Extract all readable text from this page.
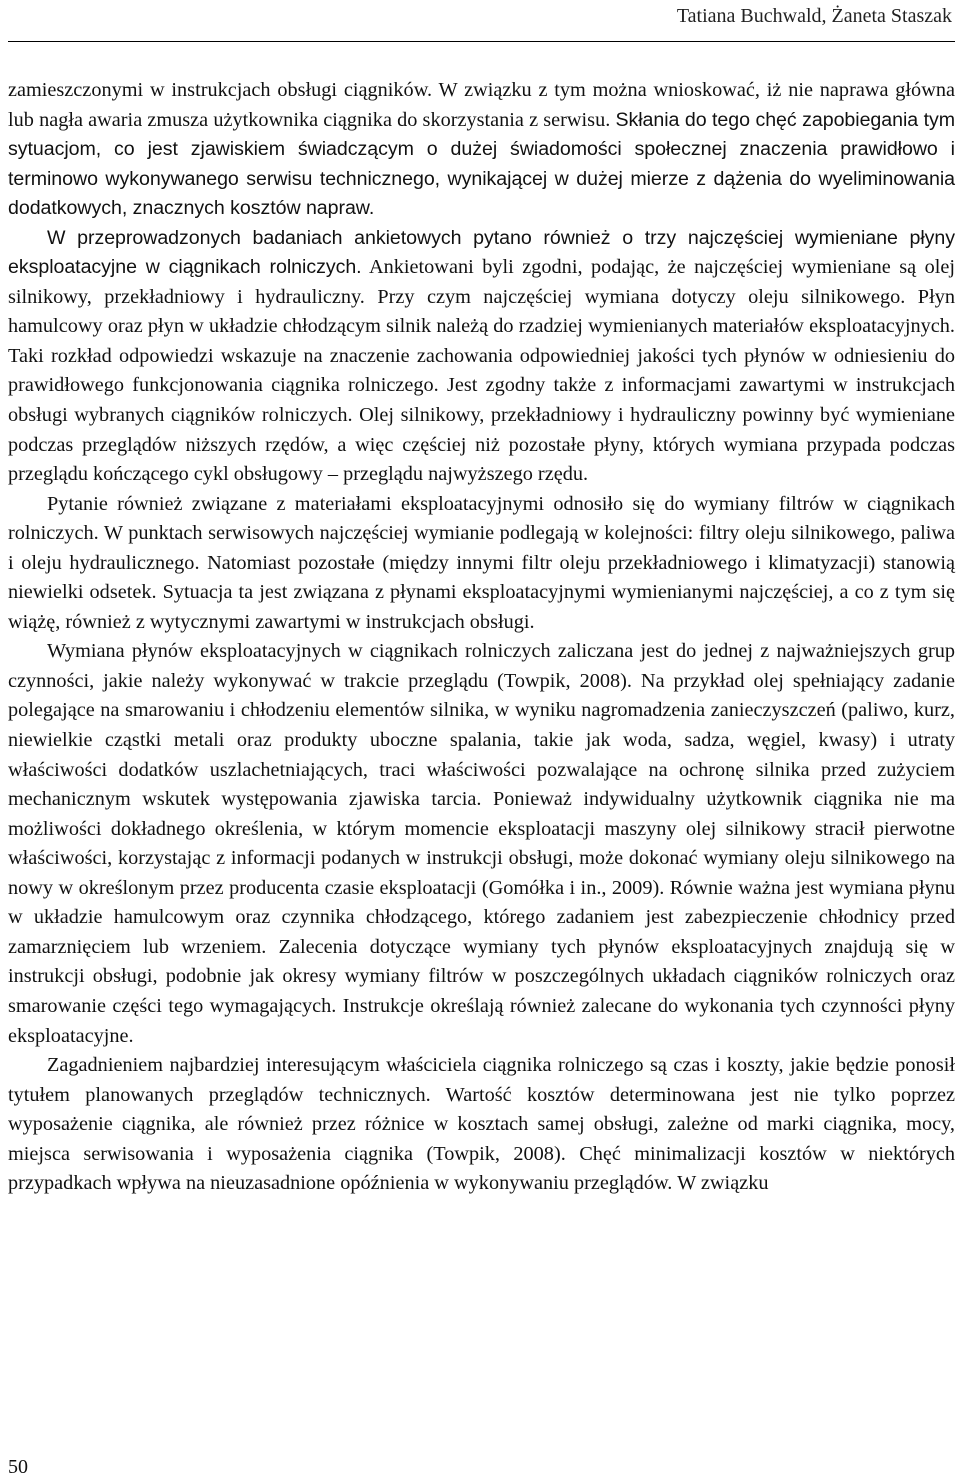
Tatiana Buchwald, Żaneta Staszak

zamieszczonymi w instrukcjach obsługi ciągników. W związku z tym można wnioskować, iż nie naprawa główna lub nagła awaria zmusza użytkownika ciągnika do skorzystania z serwisu. Skłania do tego chęć zapobiegania tym sytuacjom, co jest zjawiskiem świadczącym o dużej świadomości społecznej znaczenia prawidłowo i terminowo wykonywanego serwisu technicznego, wynikającej w dużej mierze z dążenia do wyeliminowania dodatkowych, znacznych kosztów napraw.

W przeprowadzonych badaniach ankietowych pytano również o trzy najczęściej wymieniane płyny eksploatacyjne w ciągnikach rolniczych. Ankietowani byli zgodni, podając, że najczęściej wymieniane są olej silnikowy, przekładniowy i hydrauliczny. Przy czym najczęściej wymiana dotyczy oleju silnikowego. Płyn hamulcowy oraz płyn w układzie chłodzącym silnik należą do rzadziej wymienianych materiałów eksploatacyjnych. Taki rozkład odpowiedzi wskazuje na znaczenie zachowania odpowiedniej jakości tych płynów w odniesieniu do prawidłowego funkcjonowania ciągnika rolniczego. Jest zgodny także z informacjami zawartymi w instrukcjach obsługi wybranych ciągników rolniczych. Olej silnikowy, przekładniowy i hydrauliczny powinny być wymieniane podczas przeglądów niższych rzędów, a więc częściej niż pozostałe płyny, których wymiana przypada podczas przeglądu kończącego cykl obsługowy – przeglądu najwyższego rzędu.

Pytanie również związane z materiałami eksploatacyjnymi odnosiło się do wymiany filtrów w ciągnikach rolniczych. W punktach serwisowych najczęściej wymianie podlegają w kolejności: filtry oleju silnikowego, paliwa i oleju hydraulicznego. Natomiast pozostałe (między innymi filtr oleju przekładniowego i klimatyzacji) stanowią niewielki odsetek. Sytuacja ta jest związana z płynami eksploatacyjnymi wymienianymi najczęściej, a co z tym się wiążę, również z wytycznymi zawartymi w instrukcjach obsługi.

Wymiana płynów eksploatacyjnych w ciągnikach rolniczych zaliczana jest do jednej z najważniejszych grup czynności, jakie należy wykonywać w trakcie przeglądu (Towpik, 2008). Na przykład olej spełniający zadanie polegające na smarowaniu i chłodzeniu elementów silnika, w wyniku nagromadzenia zanieczyszczeń (paliwo, kurz, niewielkie cząstki metali oraz produkty uboczne spalania, takie jak woda, sadza, węgiel, kwasy) i utraty właściwości dodatków uszlachetniających, traci właściwości pozwalające na ochronę silnika przed zużyciem mechanicznym wskutek występowania zjawiska tarcia. Ponieważ indywidualny użytkownik ciągnika nie ma możliwości dokładnego określenia, w którym momencie eksploatacji maszyny olej silnikowy stracił pierwotne właściwości, korzystając z informacji podanych w instrukcji obsługi, może dokonać wymiany oleju silnikowego na nowy w określonym przez producenta czasie eksploatacji (Gomółka i in., 2009). Równie ważna jest wymiana płynu w układzie hamulcowym oraz czynnika chłodzącego, którego zadaniem jest zabezpieczenie chłodnicy przed zamarznięciem lub wrzeniem. Zalecenia dotyczące wymiany tych płynów eksploatacyjnych znajdują się w instrukcji obsługi, podobnie jak okresy wymiany filtrów w poszczególnych układach ciągników rolniczych oraz smarowanie części tego wymagających. Instrukcje określają również zalecane do wykonania tych czynności płyny eksploatacyjne.

Zagadnieniem najbardziej interesującym właściciela ciągnika rolniczego są czas i koszty, jakie będzie ponosił tytułem planowanych przeglądów technicznych. Wartość kosztów determinowana jest nie tylko poprzez wyposażenie ciągnika, ale również przez różnice w kosztach samej obsługi, zależne od marki ciągnika, mocy, miejsca serwisowania i wyposażenia ciągnika (Towpik, 2008). Chęć minimalizacji kosztów w niektórych przypadkach wpływa na nieuzasadnione opóźnienia w wykonywaniu przeglądów. W związku

50
